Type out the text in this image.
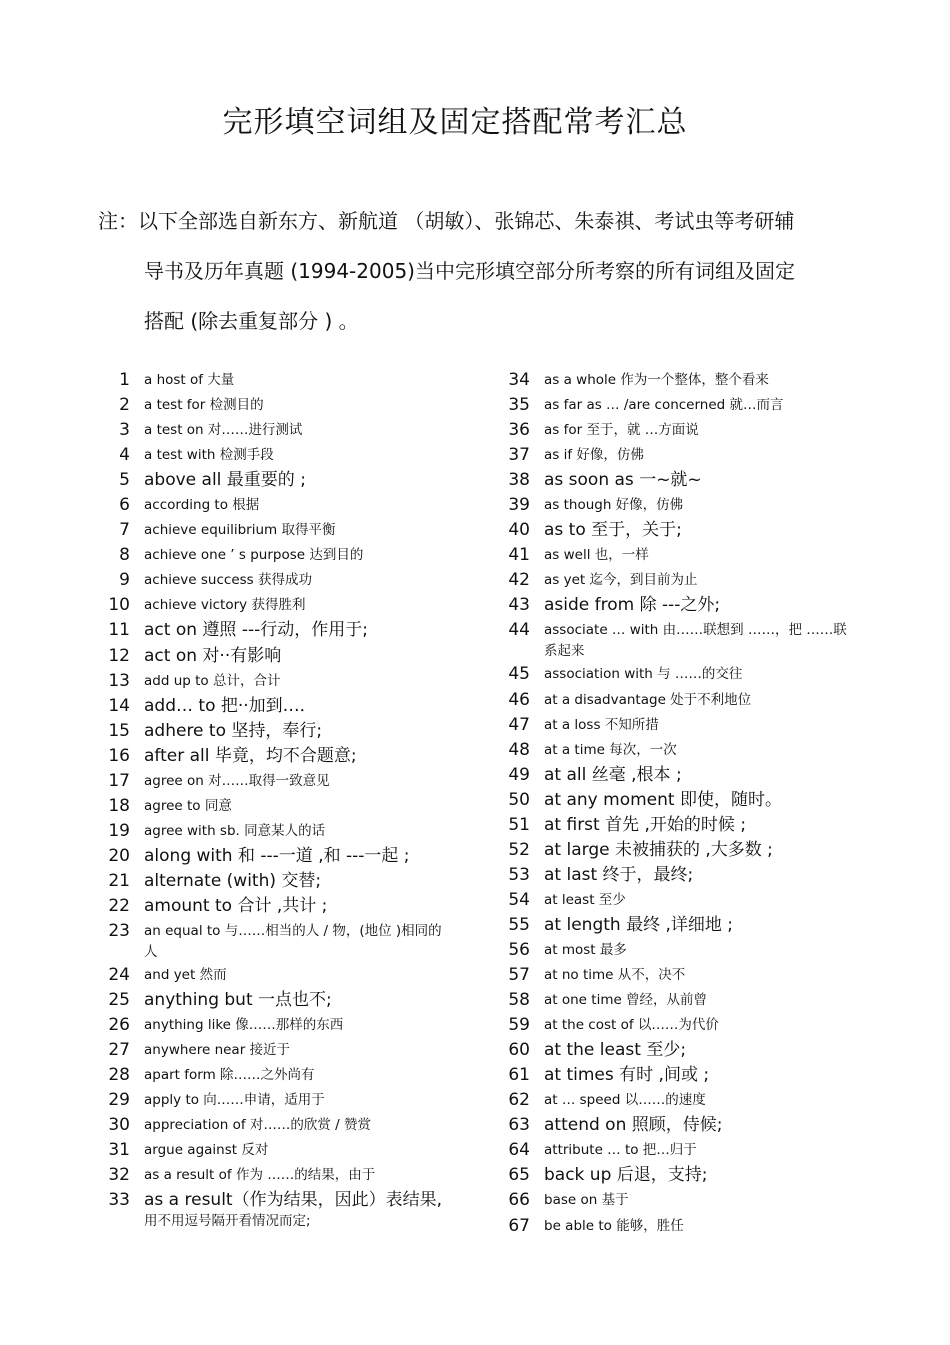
完形填空词组及固定搭配常考汇总
注：以下全部选自新东方、新航道 （胡敏）、张锦芯、朱泰祺、考试虫等考研辅
导书及历年真题 (1994-2005)当中完形填空部分所考察的所有词组及固定
搭配 (除去重复部分 ) 。
1	a host of 大量
2	a test for 检测目的
3	a test on 对……进行测试
4	a test with 检测手段
5 above all 最重要的 ;
6	according to 根据
7	achieve equilibrium 取得平衡
8	achieve one ’ s purpose 达到目的
9	achieve success 获得成功
10	achieve victory 获得胜利
11 act on 遵照 ---行动，作用于;
12 act on 对··有影响
13	add up to 总计，合计
14 add… to 把··加到…．
15 adhere to 坚持，奉行;
16 after all 毕竟，均不合题意;
17	agree on 对……取得一致意见
18	agree to 同意
19	agree with sb. 同意某人的话
20 along with 和 ---一道 ,和 ---一起 ;
21 alternate (with) 交替;
22 amount to 合计 ,共计 ;
23	an equal to 与……相当的人 / 物，(地位 )相同的
人
24	and yet 然而
25 anything but 一点也不;
26	anything like 像……那样的东西
27	anywhere near 接近于
28	apart form 除……之外尚有
29	apply to 向……申请，适用于
30	appreciation of 对……的欣赏 / 赞赏
31	argue against 反对
32	as a result of 作为 ……的结果，由于
33 as a result（作为结果，因此）表结果,
用不用逗号隔开看情况而定;
34	as a whole 作为一个整体，整个看来
35	as far as … /are concerned 就…而言
36	as for 至于，就 …方面说
37	as if 好像，仿佛
38 as soon as 一~就~
39	as though 好像，仿佛
40 as to 至于，关于;
41	as well 也，一样
42	as yet 迄今，到目前为止
43 aside from 除 ---之外;
44	associate … with 由……联想到 ……，把 ……联
系起来
45	association with 与 ……的交往
46	at a disadvantage 处于不利地位
47	at a loss 不知所措
48	at a time 每次，一次
49 at all 丝毫 ,根本 ;
50 at any moment 即使，随时。
51 at first 首先 ,开始的时候 ;
52 at large 未被捕获的 ,大多数 ;
53 at last 终于，最终;
54	at least 至少
55 at length 最终 ,详细地 ;
56	at most 最多
57	at no time 从不，决不
58	at one time 曾经，从前曾
59	at the cost of 以……为代价
60 at the least 至少;
61 at times 有时 ,间或 ;
62	at … speed 以……的速度
63 attend on 照顾，侍候;
64	attribute … to 把…归于
65 back up 后退，支持;
66	base on 基于
67	be able to 能够，胜任
